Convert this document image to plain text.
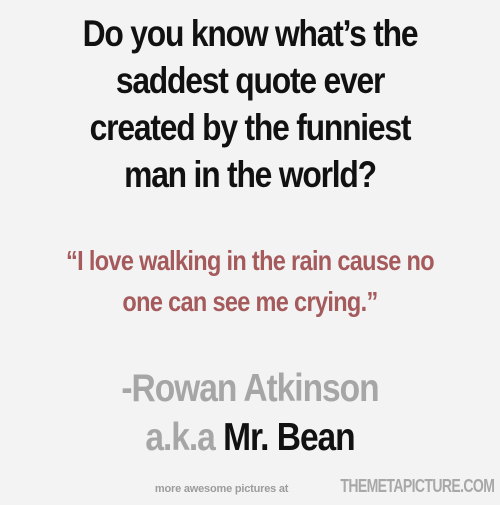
Do you know what’s the
saddest quote ever
created by the funniest
man in the world?

“I love walking in the rain cause no
one can see me crying.”

-Rowan Atkinson
a.k.a Mr. Bean
more awesome pictures at	THEMETAPICTURE.COM
